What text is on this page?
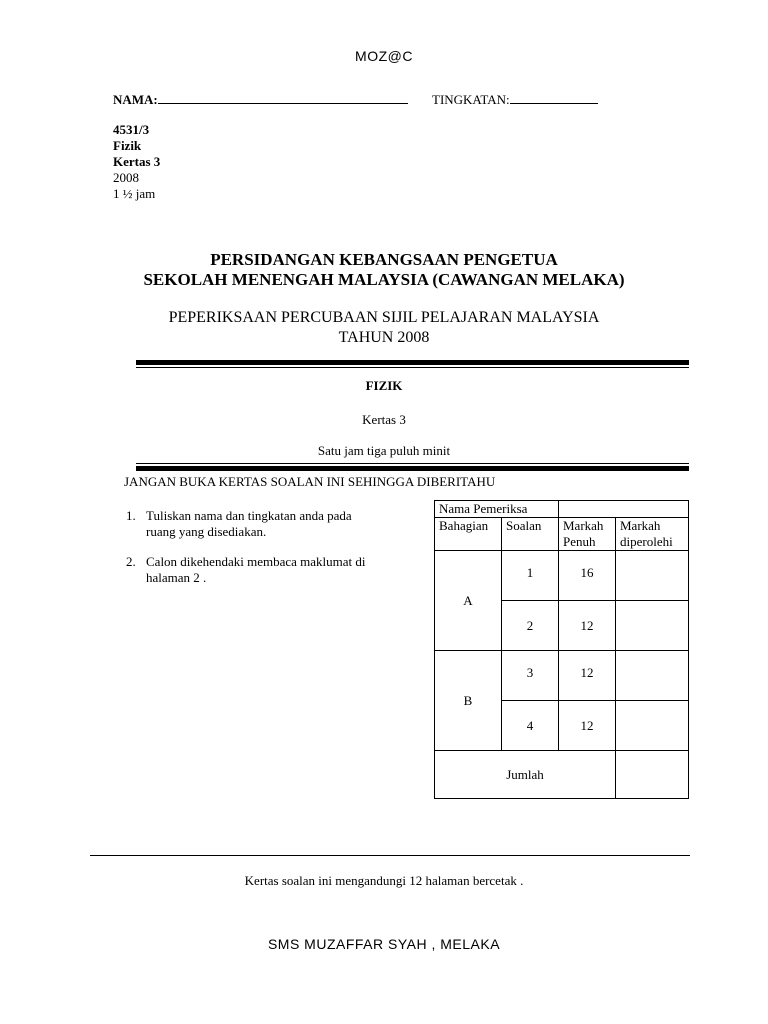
MOZ@C
NAMA:	TINGKATAN:
4531/3
Fizik
Kertas 3
2008
1 ½ jam
PERSIDANGAN KEBANGSAAN PENGETUA
SEKOLAH MENENGAH MALAYSIA (CAWANGAN MELAKA)
PEPERIKSAAN PERCUBAAN SIJIL PELAJARAN MALAYSIA
TAHUN 2008
FIZIK
Kertas 3
Satu jam tiga puluh minit
JANGAN BUKA KERTAS SOALAN INI SEHINGGA DIBERITAHU
1. Tuliskan nama dan tingkatan anda pada ruang yang disediakan.
2. Calon dikehendaki membaca maklumat di halaman 2 .
Nama Pemeriksa			
Bahagian	Soalan	Markah Penuh	Markah diperolehi
A	1	16	
	2	12	
B	3	12	
	4	12	
Jumlah			
Kertas soalan ini mengandungi 12 halaman bercetak .
SMS MUZAFFAR SYAH , MELAKA
